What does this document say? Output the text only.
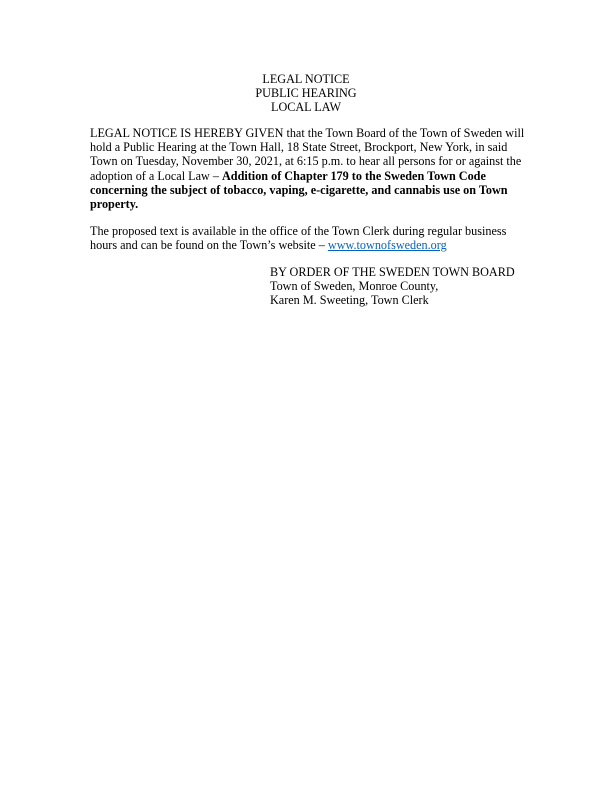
LEGAL NOTICE
PUBLIC HEARING
LOCAL LAW
LEGAL NOTICE IS HEREBY GIVEN that the Town Board of the Town of Sweden will hold a Public Hearing at the Town Hall, 18 State Street, Brockport, New York, in said Town on Tuesday, November 30, 2021, at 6:15 p.m. to hear all persons for or against the adoption of a Local Law – Addition of Chapter 179 to the Sweden Town Code concerning the subject of tobacco, vaping, e-cigarette, and cannabis use on Town property.
The proposed text is available in the office of the Town Clerk during regular business hours and can be found on the Town’s website – www.townofsweden.org
BY ORDER OF THE SWEDEN TOWN BOARD
Town of Sweden, Monroe County,
Karen M. Sweeting, Town Clerk
